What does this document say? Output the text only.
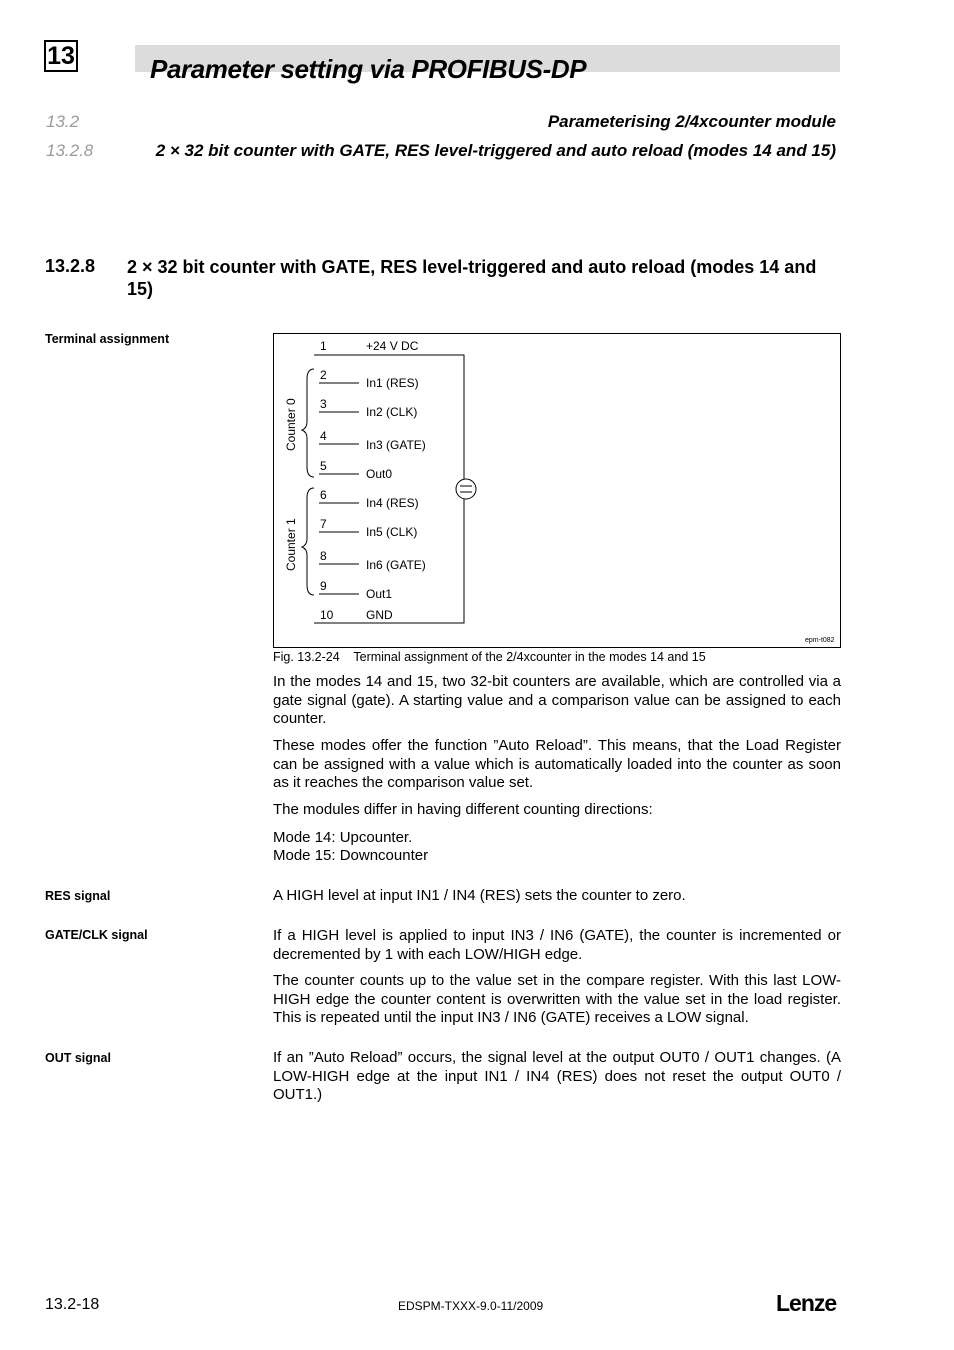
13	Parameter setting via PROFIBUS-DP
13.2	Parameterising 2/4xcounter module
13.2.8	2 × 32 bit counter with GATE, RES level-triggered and auto reload (modes 14 and 15)
13.2.8 2 × 32 bit counter with GATE, RES level-triggered and auto reload (modes 14 and 15)
Terminal assignment
RES signal
GATE/CLK signal
OUT signal
1
2
3
4
5
6
7
8
9
10
+24 V DC
In1 (RES)
In2 (CLK)
In3 (GATE)
Out0
In4 (RES)
In5 (CLK)
In6 (GATE)
Out1
GND
Counter 0
Counter 1
epm-t082
Fig. 13.2-24    Terminal assignment of the 2/4xcounter in the modes 14 and 15
In the modes 14 and 15, two 32-bit counters are available, which are controlled via a gate signal (gate). A starting value and a comparison value can be assigned to each counter.
These modes offer the function ”Auto Reload”. This means, that the Load Register can be assigned with a value which is automatically loaded into the counter as soon as it reaches the comparison value set.
The modules differ in having different counting directions:
Mode 14: Upcounter.
Mode 15: Downcounter
A HIGH level at input IN1 / IN4 (RES) sets the counter to zero.
If a HIGH level is applied to input IN3 / IN6 (GATE), the counter is incremented or decremented by 1 with each LOW/HIGH edge.
The counter counts up to the value set in the compare register. With this last LOW-HIGH edge the counter content is overwritten with the value set in the load register. This is repeated until the input IN3 / IN6 (GATE) receives a LOW signal.
If an ”Auto Reload” occurs, the signal level at the output OUT0 / OUT1 changes. (A LOW-HIGH edge at the input IN1 / IN4 (RES) does not reset the output OUT0 / OUT1.)
13.2-18	EDSPM-TXXX-9.0-11/2009	Lenze
